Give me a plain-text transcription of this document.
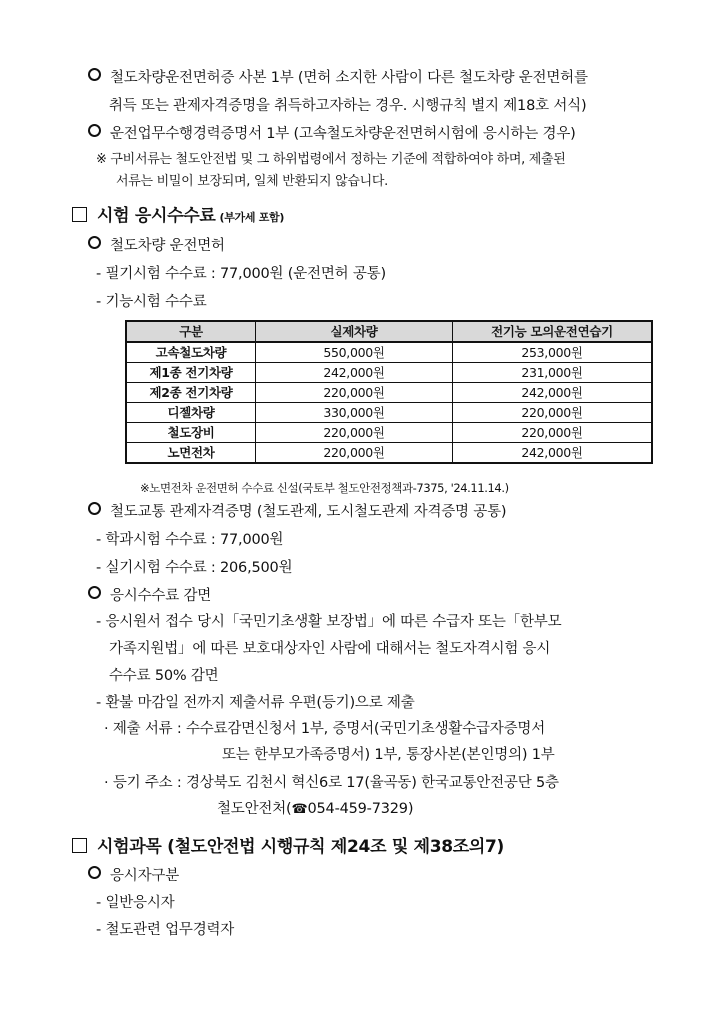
철도차량운전면허증 사본 1부 (면허 소지한 사람이 다른 철도차량 운전면허를
취득 또는 관제자격증명을 취득하고자하는 경우. 시행규칙 별지 제18호 서식)
운전업무수행경력증명서 1부 (고속철도차량운전면허시험에 응시하는 경우)
※ 구비서류는 철도안전법 및 그 하위법령에서 정하는 기준에 적합하여야 하며, 제출된
서류는 비밀이 보장되며, 일체 반환되지 않습니다.
시험 응시수수료 (부가세 포함)
철도차량 운전면허
- 필기시험 수수료 : 77,000원 (운전면허 공통)
- 기능시험 수수료
구분	실제차량	전기능 모의운전연습기
고속철도차량	550,000원	253,000원
제1종 전기차량	242,000원	231,000원
제2종 전기차량	220,000원	242,000원
디젤차량	330,000원	220,000원
철도장비	220,000원	220,000원
노면전차	220,000원	242,000원
※노면전차 운전면허 수수료 신설(국토부 철도안전정책과-7375, '24.11.14.)
철도교통 관제자격증명 (철도관제, 도시철도관제 자격증명 공통)
- 학과시험 수수료 : 77,000원
- 실기시험 수수료 : 206,500원
응시수수료 감면
- 응시원서 접수 당시「국민기초생활 보장법」에 따른 수급자 또는「한부모
가족지원법」에 따른 보호대상자인 사람에 대해서는 철도자격시험 응시
수수료 50% 감면
- 환불 마감일 전까지 제출서류 우편(등기)으로 제출
· 제출 서류 : 수수료감면신청서 1부, 증명서(국민기초생활수급자증명서
또는 한부모가족증명서) 1부, 통장사본(본인명의) 1부
· 등기 주소 : 경상북도 김천시 혁신6로 17(율곡동) 한국교통안전공단 5층
철도안전처(☎054-459-7329)
시험과목 (철도안전법 시행규칙 제24조 및 제38조의7)
응시자구분
- 일반응시자
- 철도관련 업무경력자
